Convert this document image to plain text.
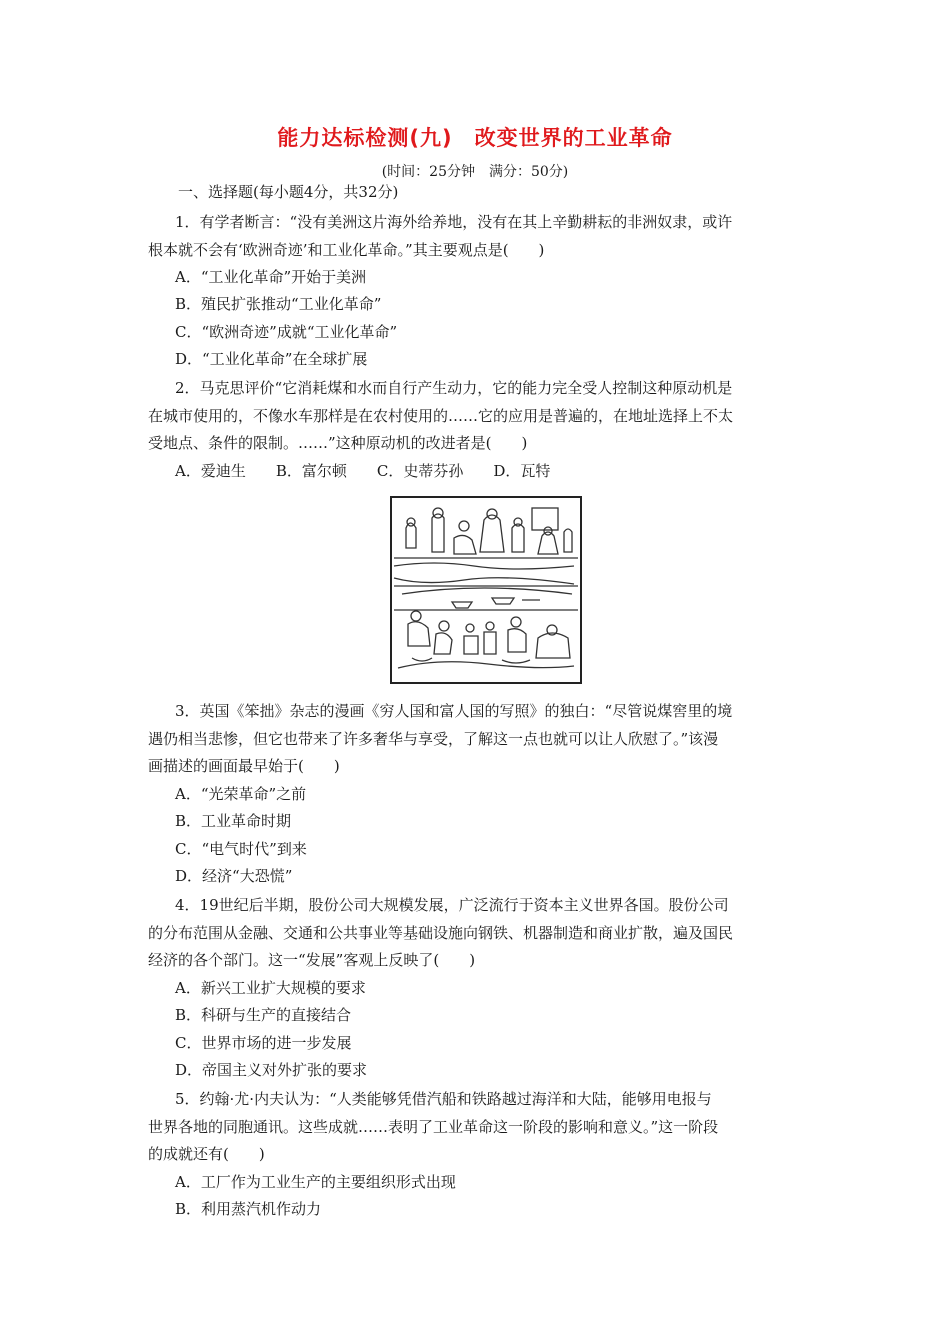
能力达标检测(九)　改变世界的工业革命
(时间：25分钟　满分：50分)
一、选择题(每小题4分，共32分)
1．有学者断言：“没有美洲这片海外给养地，没有在其上辛勤耕耘的非洲奴隶，或许
根本就不会有‘欧洲奇迹’和工业化革命。”其主要观点是(　　)
A．“工业化革命”开始于美洲
B．殖民扩张推动“工业化革命”
C．“欧洲奇迹”成就“工业化革命”
D．“工业化革命”在全球扩展
2．马克思评价“它消耗煤和水而自行产生动力，它的能力完全受人控制这种原动机是
在城市使用的，不像水车那样是在农村使用的……它的应用是普遍的，在地址选择上不太
受地点、条件的限制。……”这种原动机的改进者是(　　)
A．爱迪生　　B．富尔顿　　C．史蒂芬孙　　D．瓦特
3．英国《笨拙》杂志的漫画《穷人国和富人国的写照》的独白：“尽管说煤窖里的境
遇仍相当悲惨，但它也带来了许多奢华与享受，了解这一点也就可以让人欣慰了。”该漫
画描述的画面最早始于(　　)
A．“光荣革命”之前
B．工业革命时期
C．“电气时代”到来
D．经济“大恐慌”
4．19世纪后半期，股份公司大规模发展，广泛流行于资本主义世界各国。股份公司
的分布范围从金融、交通和公共事业等基础设施向钢铁、机器制造和商业扩散，遍及国民
经济的各个部门。这一“发展”客观上反映了(　　)
A．新兴工业扩大规模的要求
B．科研与生产的直接结合
C．世界市场的进一步发展
D．帝国主义对外扩张的要求
5．约翰·尤·内夫认为：“人类能够凭借汽船和铁路越过海洋和大陆，能够用电报与
世界各地的同胞通讯。这些成就……表明了工业革命这一阶段的影响和意义。”这一阶段
的成就还有(　　)
A．工厂作为工业生产的主要组织形式出现
B．利用蒸汽机作动力
